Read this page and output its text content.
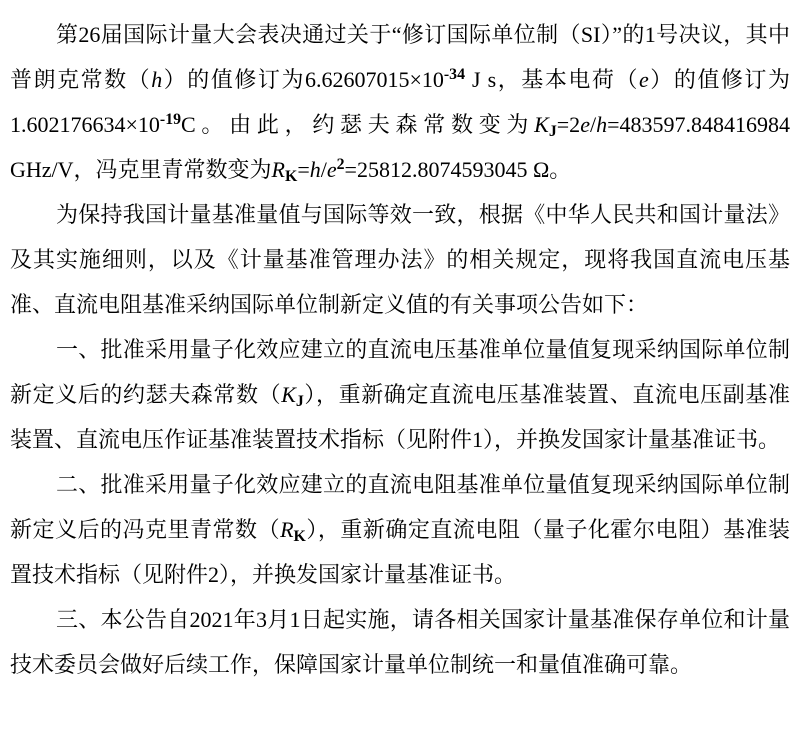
第26届国际计量大会表决通过关于“修订国际单位制（SI）”的1号决议，其中普朗克常数（h）的值修订为$6.62607015\times 10^{-34}$ J s，基本电荷（e）的值修订为$1.602176634\times 10^{-19}C$。由此，约瑟夫森常数变为$K_J=2e/h=483597.848416984$ GHz/V，冯克里青常数变为$R_K=h/e^2=25812.8074593045$ Ω。

为保持我国计量基准量值与国际等效一致，根据《中华人民共和国计量法》及其实施细则，以及《计量基准管理办法》的相关规定，现将我国直流电压基准、直流电阻基准采纳国际单位制新定义值的有关事项公告如下：

一、批准采用量子化效应建立的直流电压基准单位量值复现采纳国际单位制新定义后的约瑟夫森常数$(K_J)$，重新确定直流电压基准装置、直流电压副基准装置、直流电压作证基准装置技术指标（见附件1），并换发国家计量基准证书。

二、批准采用量子化效应建立的直流电阻基准单位量值复现采纳国际单位制新定义后的冯克里青常数$(R_K)$，重新确定直流电阻（量子化霍尔电阻）基准装置技术指标（见附件2），并换发国家计量基准证书。

三、本公告自2021年3月1日起实施，请各相关国家计量基准保存单位和计量技术委员会做好后续工作，保障国家计量单位制统一和量值准确可靠。
